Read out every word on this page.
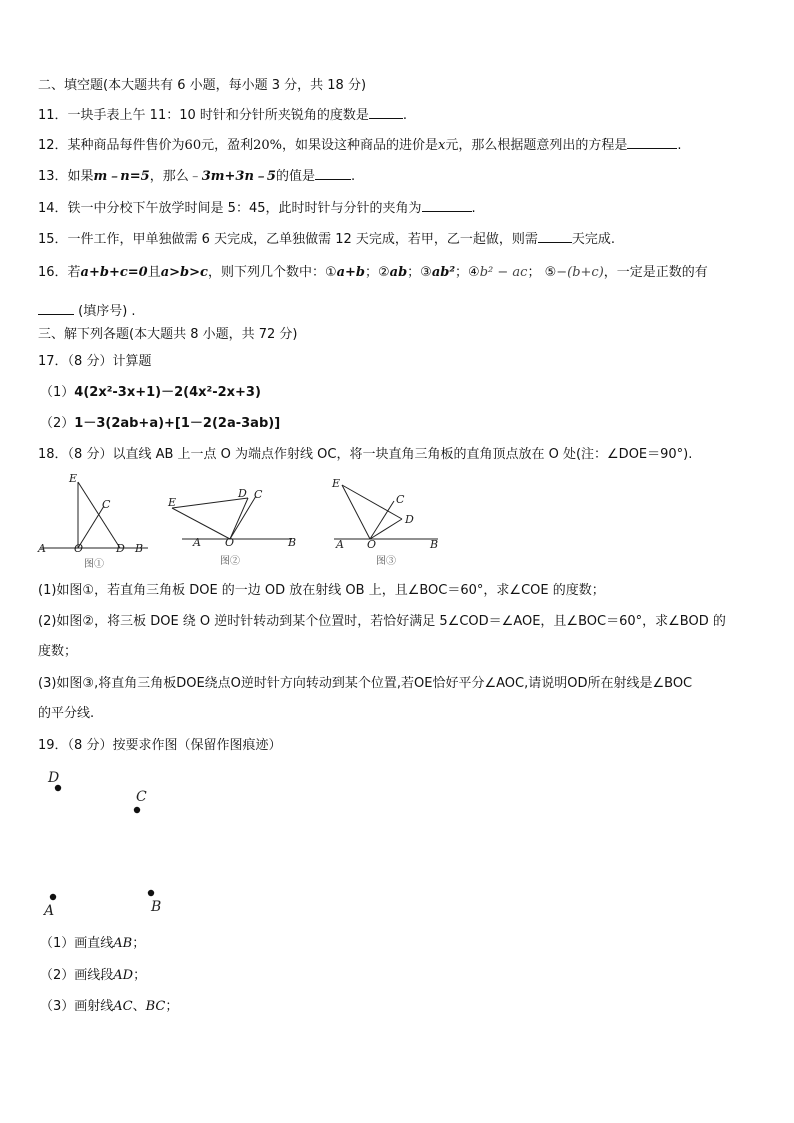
二、填空题(本大题共有 6 小题，每小题 3 分，共 18 分)
11．一块手表上午 11：10 时针和分针所夹锐角的度数是	.
12．某种商品每件售价为60元，盈利20%，如果设这种商品的进价是x元，那么根据题意列出的方程是	.
13．如果m﹣n=5，那么﹣3m+3n﹣5的值是	.
14．铁一中分校下午放学时间是 5：45，此时时针与分针的夹角为	.
15．一件工作，甲单独做需 6 天完成，乙单独做需 12 天完成，若甲，乙一起做，则需	天完成.
16．若a+b+c=0且a>b>c，则下列几个数中：①a+b；②ab；③ab²；④b² − ac； ⑤−(b+c)，一定是正数的有
(填序号) .
三、解下列各题(本大题共 8 小题，共 72 分)
17．（8 分）计算题
（1）4(2x²-3x+1)－2(4x²-2x+3)
（2）1－3(2ab+a)+[1－2(2a-3ab)]
18．（8 分）以直线 AB 上一点 O 为端点作射线 OC，将一块直角三角板的直角顶点放在 O 处(注：∠DOE＝90°).
A
E
C
O	D B
图①
E
D C
A O	B
图②
E
C
D
A O	B
图③
(1)如图①，若直角三角板 DOE 的一边 OD 放在射线 OB 上，且∠BOC＝60°，求∠COE 的度数；
(2)如图②，将三板 DOE 绕 O 逆时针转动到某个位置时，若恰好满足 5∠COD＝∠AOE，且∠BOC＝60°，求∠BOD 的
度数；
(3)如图③,将直角三角板DOE绕点O逆时针方向转动到某个位置,若OE恰好平分∠AOC,请说明OD所在射线是∠BOC
的平分线.
19．（8 分）按要求作图（保留作图痕迹）
D
C
A	B
（1）画直线AB；
（2）画线段AD；
（3）画射线AC、BC；
